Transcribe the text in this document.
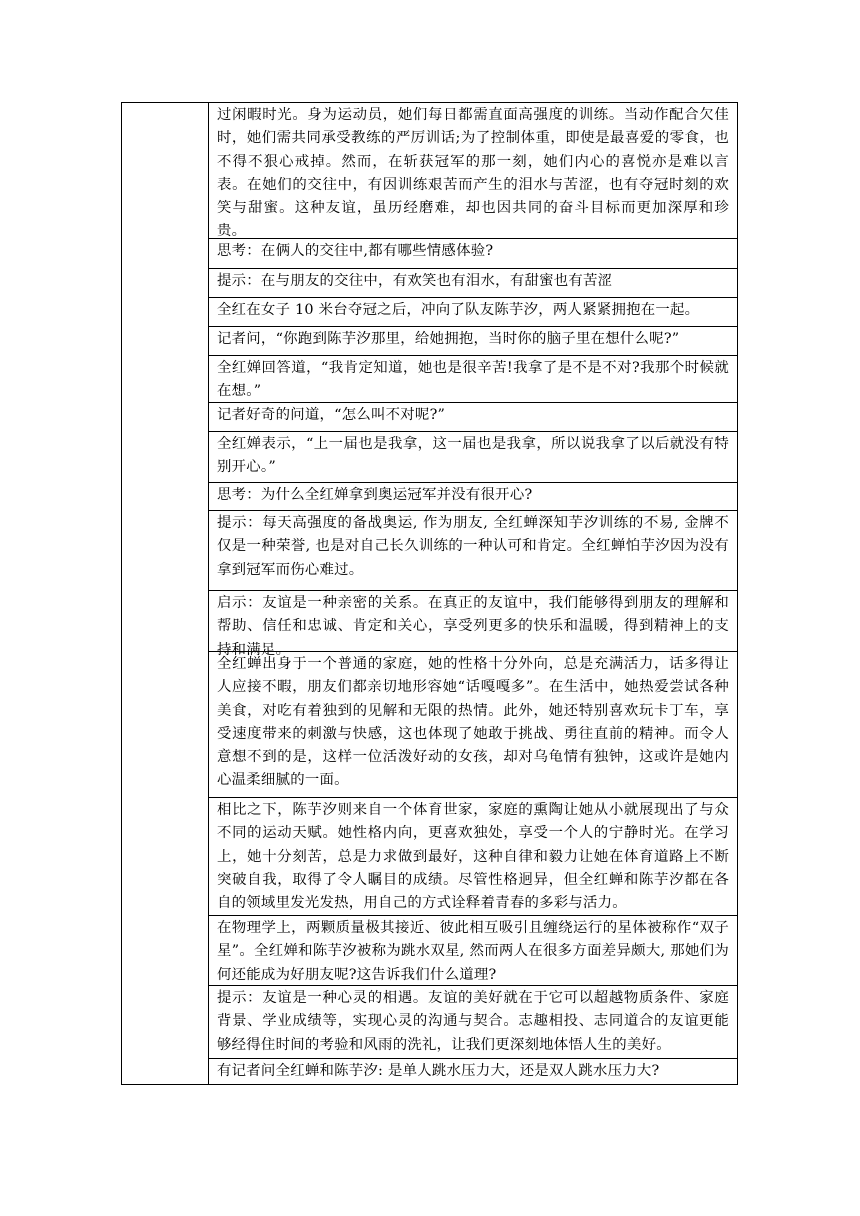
过闲暇时光。身为运动员，她们每日都需直面高强度的训练。当动作配合欠佳时，她们需共同承受教练的严厉训话;为了控制体重，即使是最喜爱的零食，也不得不狠心戒掉。然而，在斩获冠军的那一刻，她们内心的喜悦亦是难以言表。在她们的交往中，有因训练艰苦而产生的泪水与苦涩，也有夺冠时刻的欢笑与甜蜜。这种友谊，虽历经磨难，却也因共同的奋斗目标而更加深厚和珍贵。
思考：在俩人的交往中,都有哪些情感体验?
提示：在与朋友的交往中，有欢笑也有泪水，有甜蜜也有苦涩
全红在女子 10 米台夺冠之后，冲向了队友陈芋汐，两人紧紧拥抱在一起。
记者问，“你跑到陈芋汐那里，给她拥抱，当时你的脑子里在想什么呢?”
全红婵回答道，“我肯定知道，她也是很辛苦!我拿了是不是不对?我那个时候就在想。”
记者好奇的问道，“怎么叫不对呢?”
全红婵表示，“上一届也是我拿，这一届也是我拿，所以说我拿了以后就没有特别开心。”
思考：为什么全红婵拿到奥运冠军并没有很开心?
提示：每天高强度的备战奥运, 作为朋友, 全红蝉深知芋汐训练的不易, 金牌不仅是一种荣誉, 也是对自己长久训练的一种认可和肯定。全红蝉怕芋汐因为没有拿到冠军而伤心难过。
启示：友谊是一种亲密的关系。在真正的友谊中，我们能够得到朋友的理解和帮助、信任和忠诚、肯定和关心，享受列更多的快乐和温暖，得到精神上的支持和满足。
全红蝉出身于一个普通的家庭，她的性格十分外向，总是充满活力，话多得让人应接不暇，朋友们都亲切地形容她“话嘎嘎多”。在生活中，她热爱尝试各种美食，对吃有着独到的见解和无限的热情。此外，她还特别喜欢玩卡丁车，享受速度带来的刺激与快感，这也体现了她敢于挑战、勇往直前的精神。而令人意想不到的是，这样一位活泼好动的女孩，却对乌龟情有独钟，这或许是她内心温柔细腻的一面。
相比之下，陈芋汐则来自一个体育世家，家庭的熏陶让她从小就展现出了与众不同的运动天赋。她性格内向，更喜欢独处，享受一个人的宁静时光。在学习上，她十分刻苦，总是力求做到最好，这种自律和毅力让她在体育道路上不断突破自我，取得了令人瞩目的成绩。尽管性格迥异，但全红蝉和陈芋汐都在各自的领域里发光发热，用自己的方式诠释着青春的多彩与活力。
在物理学上，两颗质量极其接近、彼此相互吸引且缠绕运行的星体被称作“双子星”。全红婵和陈芋汐被称为跳水双星, 然而两人在很多方面差异颇大, 那她们为何还能成为好朋友呢?这告诉我们什么道理?
提示：友谊是一种心灵的相遇。友谊的美好就在于它可以超越物质条件、家庭背景、学业成绩等，实现心灵的沟通与契合。志趣相投、志同道合的友谊更能够经得住时间的考验和风雨的洗礼，让我们更深刻地体悟人生的美好。
有记者问全红蝉和陈芋汐: 是单人跳水压力大，还是双人跳水压力大?
